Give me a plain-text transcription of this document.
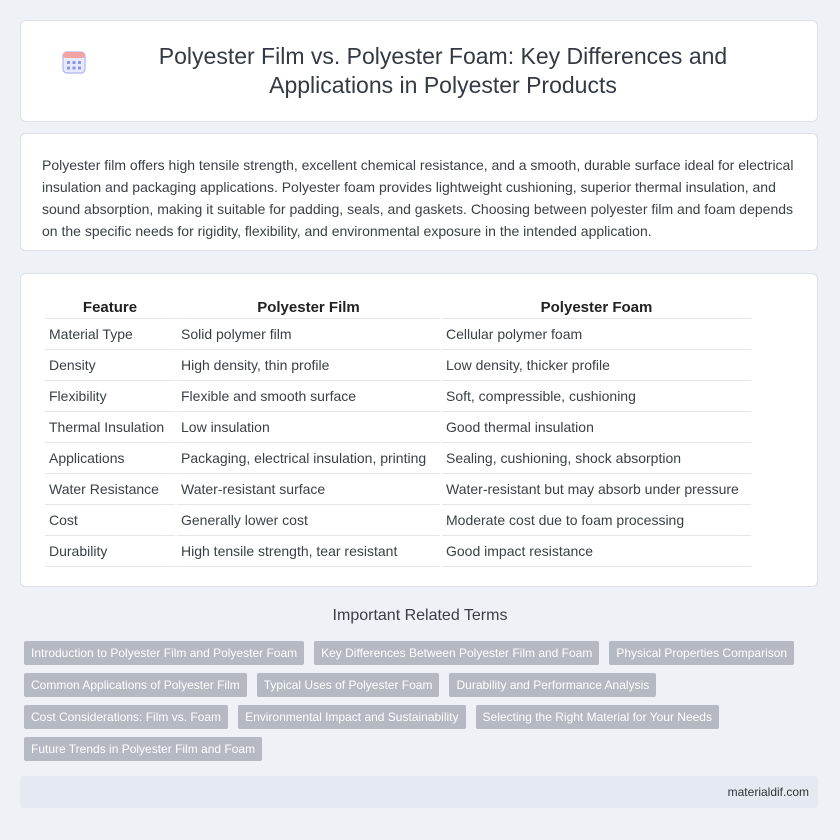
Polyester Film vs. Polyester Foam: Key Differences and Applications in Polyester Products

Polyester film offers high tensile strength, excellent chemical resistance, and a smooth, durable surface ideal for electrical insulation and packaging applications. Polyester foam provides lightweight cushioning, superior thermal insulation, and sound absorption, making it suitable for padding, seals, and gaskets. Choosing between polyester film and foam depends on the specific needs for rigidity, flexibility, and environmental exposure in the intended application.

Feature	Polyester Film	Polyester Foam
Material Type	Solid polymer film	Cellular polymer foam
Density	High density, thin profile	Low density, thicker profile
Flexibility	Flexible and smooth surface	Soft, compressible, cushioning
Thermal Insulation	Low insulation	Good thermal insulation
Applications	Packaging, electrical insulation, printing	Sealing, cushioning, shock absorption
Water Resistance	Water-resistant surface	Water-resistant but may absorb under pressure
Cost	Generally lower cost	Moderate cost due to foam processing
Durability	High tensile strength, tear resistant	Good impact resistance
Important Related Terms
Introduction to Polyester Film and Polyester Foam	Key Differences Between Polyester Film and Foam	Physical Properties Comparison
Common Applications of Polyester Film	Typical Uses of Polyester Foam	Durability and Performance Analysis
Cost Considerations: Film vs. Foam	Environmental Impact and Sustainability	Selecting the Right Material for Your Needs
Future Trends in Polyester Film and Foam
materialdif.com
